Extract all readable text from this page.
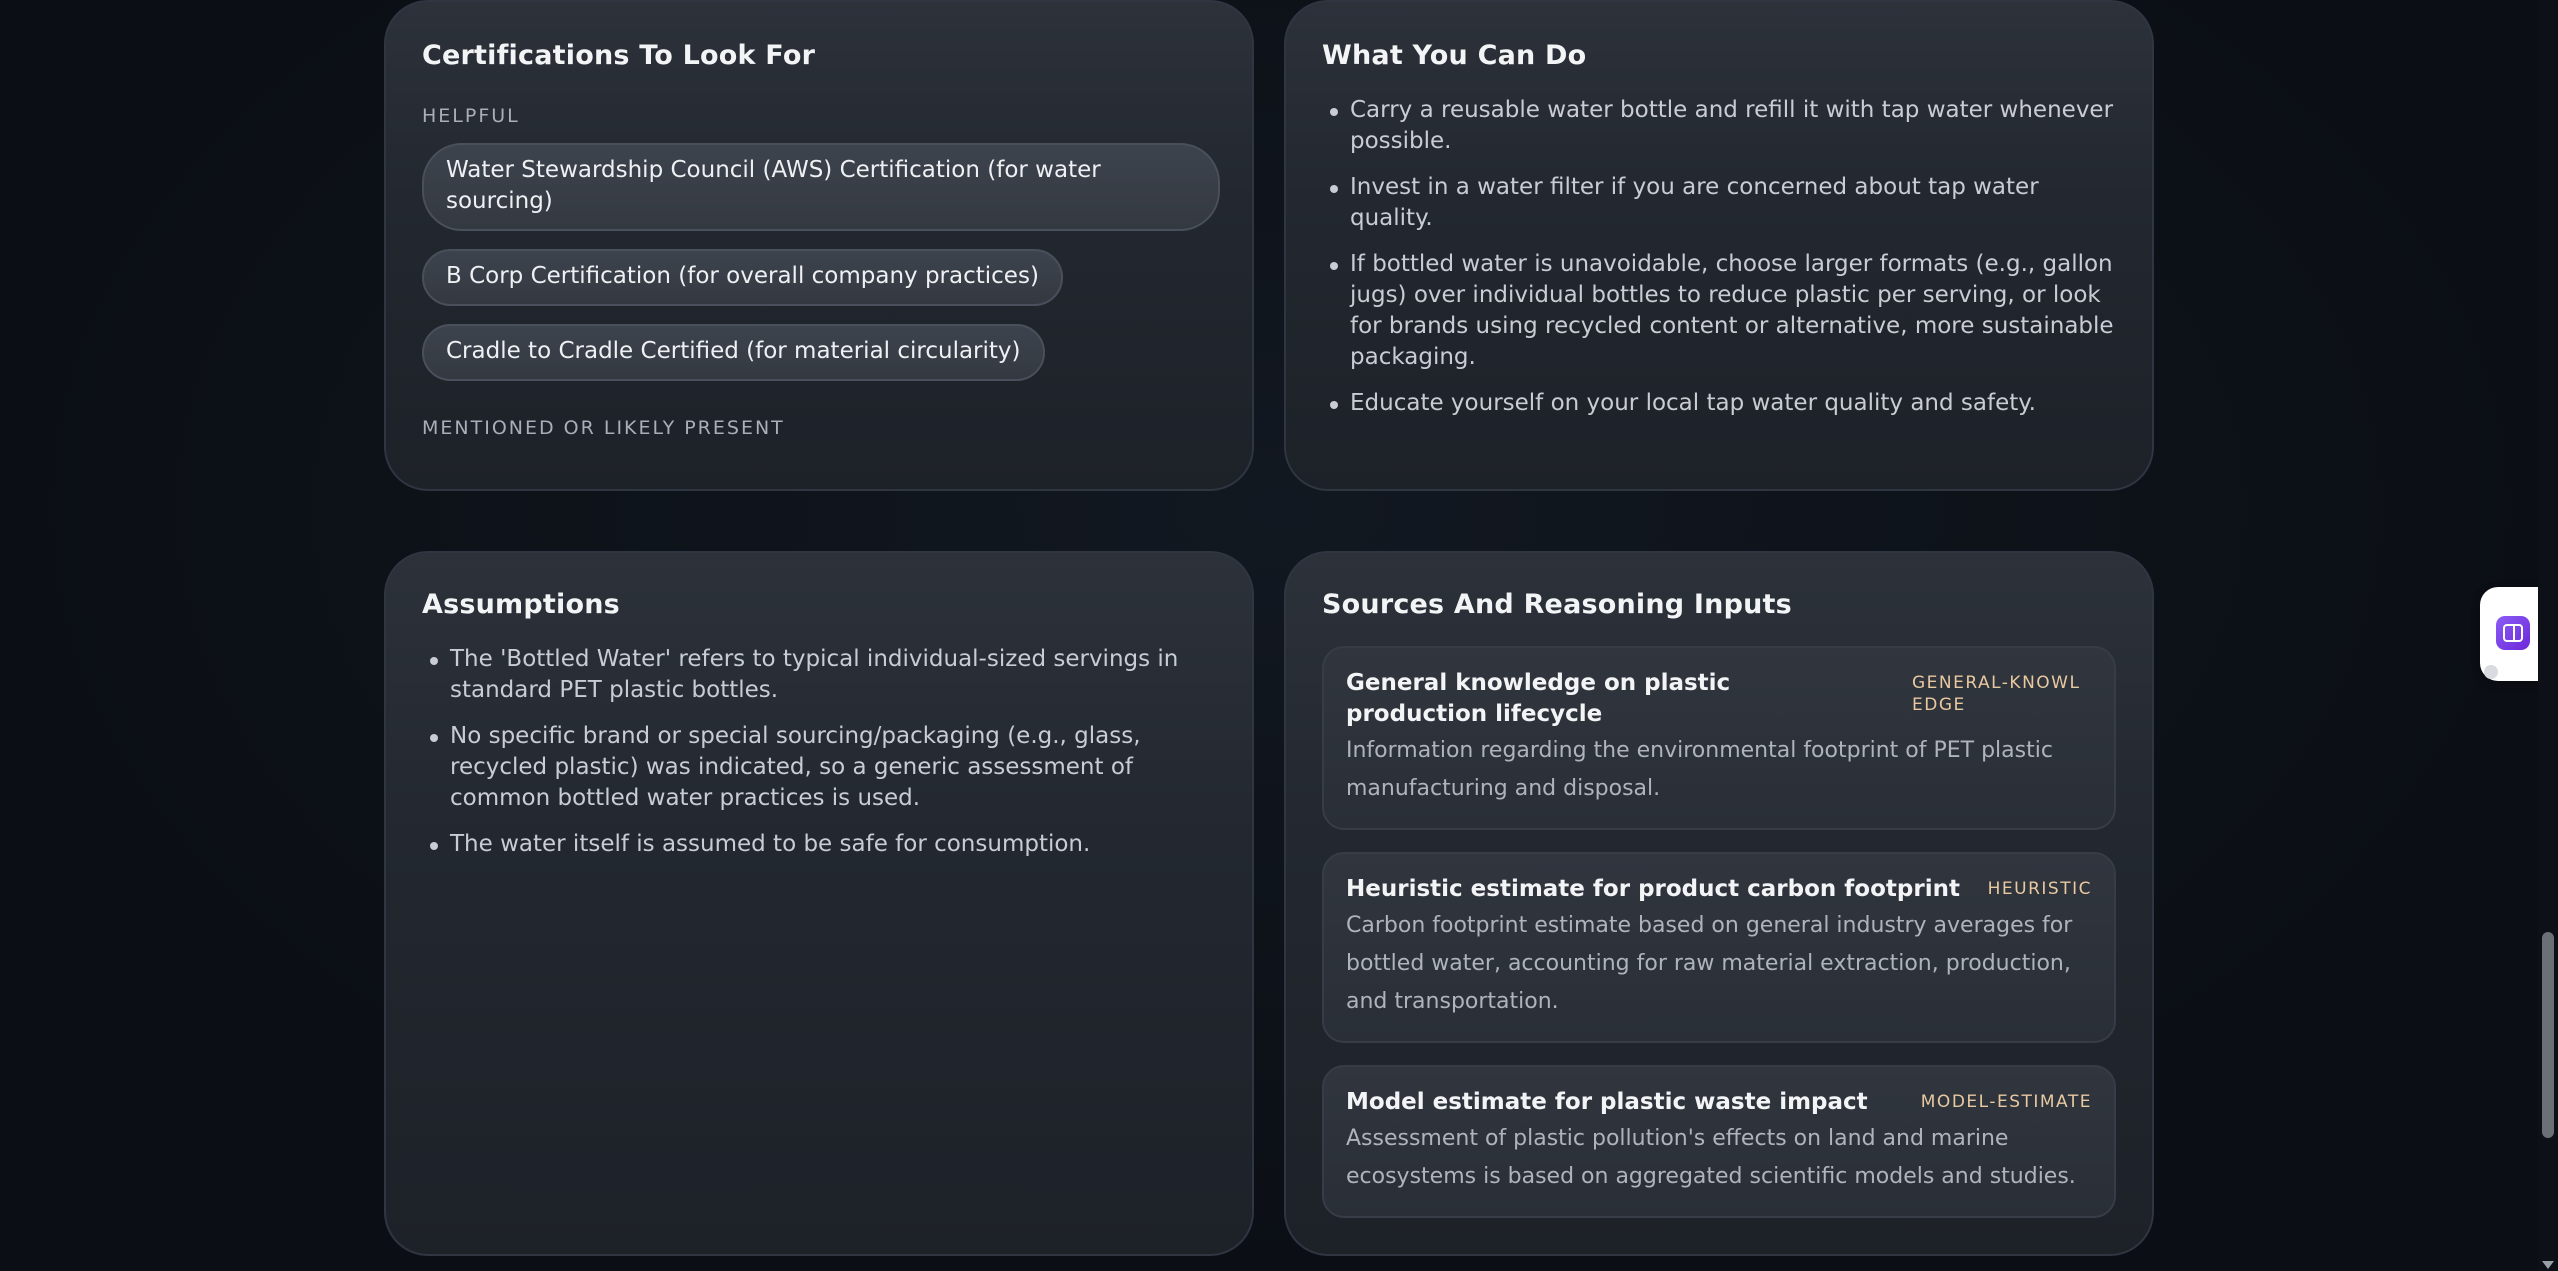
Certifications To Look For
HELPFUL
Water Stewardship Council (AWS) Certification (for water sourcing)
B Corp Certification (for overall company practices)
Cradle to Cradle Certified (for material circularity)
MENTIONED OR LIKELY PRESENT
What You Can Do
Carry a reusable water bottle and refill it with tap water whenever possible.
Invest in a water filter if you are concerned about tap water quality.
If bottled water is unavoidable, choose larger formats (e.g., gallon jugs) over individual bottles to reduce plastic per serving, or look for brands using recycled content or alternative, more sustainable packaging.
Educate yourself on your local tap water quality and safety.
Assumptions
The 'Bottled Water' refers to typical individual-sized servings in standard PET plastic bottles.
No specific brand or special sourcing/packaging (e.g., glass, recycled plastic) was indicated, so a generic assessment of common bottled water practices is used.
The water itself is assumed to be safe for consumption.
Sources And Reasoning Inputs
General knowledge on plastic production lifecycle
GENERAL-KNOWLEDGE
Information regarding the environmental footprint of PET plastic manufacturing and disposal.
Heuristic estimate for product carbon footprint HEURISTIC
Carbon footprint estimate based on general industry averages for bottled water, accounting for raw material extraction, production, and transportation.
Model estimate for plastic waste impact	MODEL-ESTIMATE
Assessment of plastic pollution's effects on land and marine ecosystems is based on aggregated scientific models and studies.
